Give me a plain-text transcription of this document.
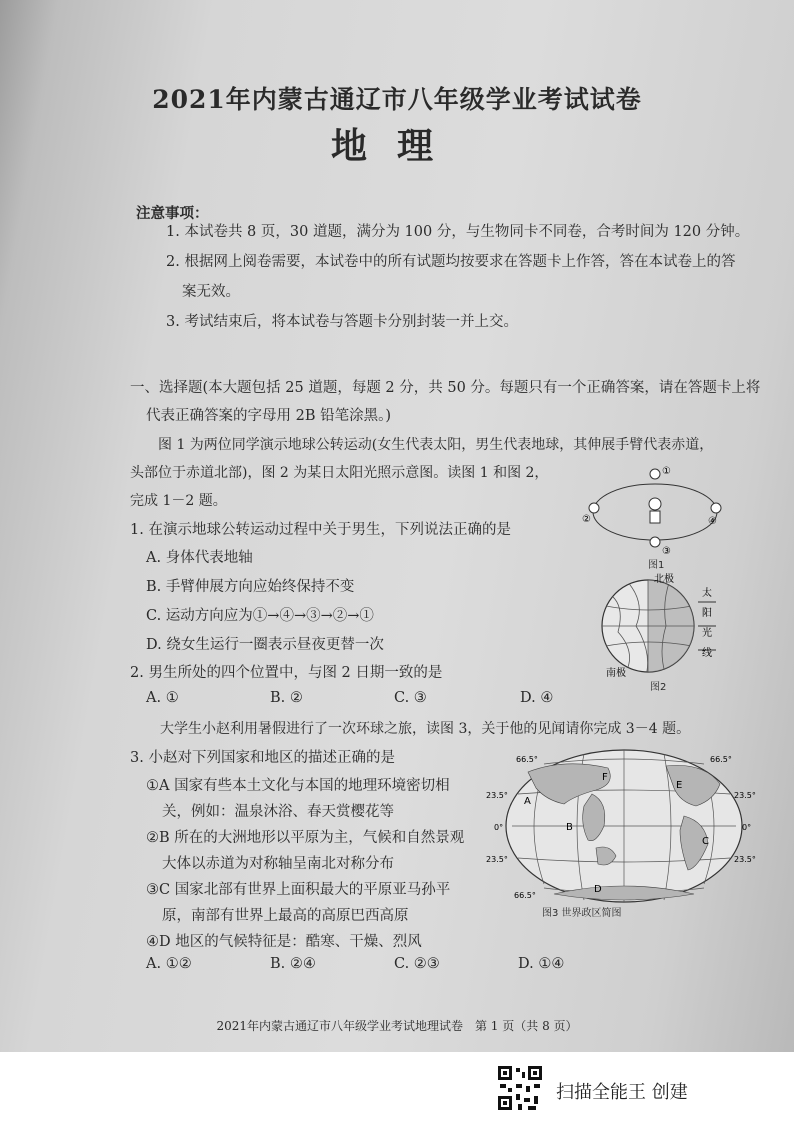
2021年内蒙古通辽市八年级学业考试试卷
地理
注意事项：
1. 本试卷共 8 页，30 道题，满分为 100 分，与生物同卡不同卷，合考时间为 120 分钟。
2. 根据网上阅卷需要，本试卷中的所有试题均按要求在答题卡上作答，答在本试卷上的答
案无效。
3. 考试结束后，将本试卷与答题卡分别封装一并上交。
一、选择题(本大题包括 25 道题，每题 2 分，共 50 分。每题只有一个正确答案，请在答题卡上将
代表正确答案的字母用 2B 铅笔涂黑。)
图 1 为两位同学演示地球公转运动(女生代表太阳，男生代表地球，其伸展手臂代表赤道，
头部位于赤道北部)，图 2 为某日太阳光照示意图。读图 1 和图 2，
完成 1－2 题。
1. 在演示地球公转运动过程中关于男生，下列说法正确的是
A. 身体代表地轴
B. 手臂伸展方向应始终保持不变
C. 运动方向应为①→④→③→②→①
D. 绕女生运行一圈表示昼夜更替一次
2. 男生所处的四个位置中，与图 2 日期一致的是
A. ①	B. ②	C. ③	D. ④
大学生小赵利用暑假进行了一次环球之旅，读图 3，关于他的见闻请你完成 3－4 题。
3. 小赵对下列国家和地区的描述正确的是
①A 国家有些本土文化与本国的地理环境密切相
关，例如：温泉沐浴、春天赏樱花等
②B 所在的大洲地形以平原为主，气候和自然景观
大体以赤道为对称轴呈南北对称分布
③C 国家北部有世界上面积最大的平原亚马孙平
原，南部有世界上最高的高原巴西高原
④D 地区的气候特征是：酷寒、干燥、烈风
A. ①②	B. ②④	C. ②③	D. ①④
①
②
③
④
图1
北极
南极
太
阳
光
线
图2
F
E
A
B
C
D
66.5°
23.5°
0°
23.5°
66.5°
66.5°
23.5°
0°
23.5°
图3 世界政区简图
2021年内蒙古通辽市八年级学业考试地理试卷　第 1 页（共 8 页）
扫描全能王 创建
